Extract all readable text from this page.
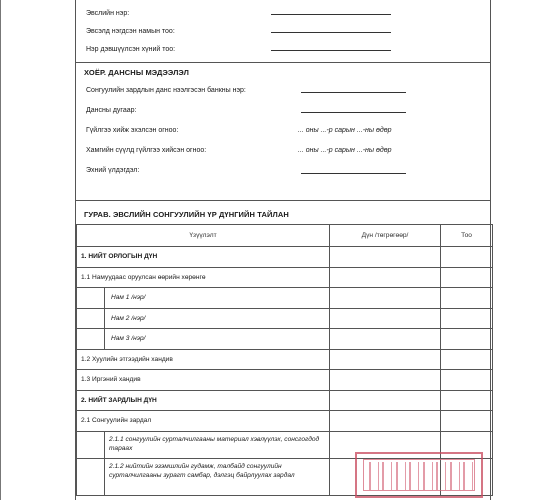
Эвслийн нэр:
Эвсэлд нэгдсэн намын тоо:
Нэр дэвшүүлсэн хүний тоо:
ХОЁР. ДАНСНЫ МЭДЭЭЛЭЛ
Сонгуулийн зардлын данс нээлгэсэн банкны нэр:
Дансны дугаар:
Гүйлгээ хийж эхэлсэн огноо:	... оны ...-р сарын ...-ны өдөр
Хамгийн сүүлд гүйлгээ хийсэн огноо:	... оны ...-р сарын ...-ны өдөр
Эхний үлдэгдэл:
ГУРАВ. ЭВСЛИЙН СОНГУУЛИЙН ҮР ДҮНГИЙН ТАЙЛАН
Үзүүлэлт		Дүн /төгрөгөөр/	Тоо
1. НИЙТ ОРЛОГЫН ДҮН			
1.1 Намуудаас оруулсан өөрийн хөрөнгө			
	Нам 1 /нэр/		
	Нам 2 /нэр/		
	Нам 3 /нэр/		
1.2 Хуулийн этгээдийн хандив			
1.3 Иргэний хандив			
2. НИЙТ ЗАРДЛЫН ДҮН			
2.1 Сонгуулийн зардал			
	2.1.1 сонгуулийн сурталчилгааны материал хэвлүүлэх, сонсгогдод тараах		
	2.1.2 нийтийн эзэмшлийн гудамж, талбайд сонгуулийн сурталчилгааны зурагт самбар, дэлгэц байрлуулах зардал		
